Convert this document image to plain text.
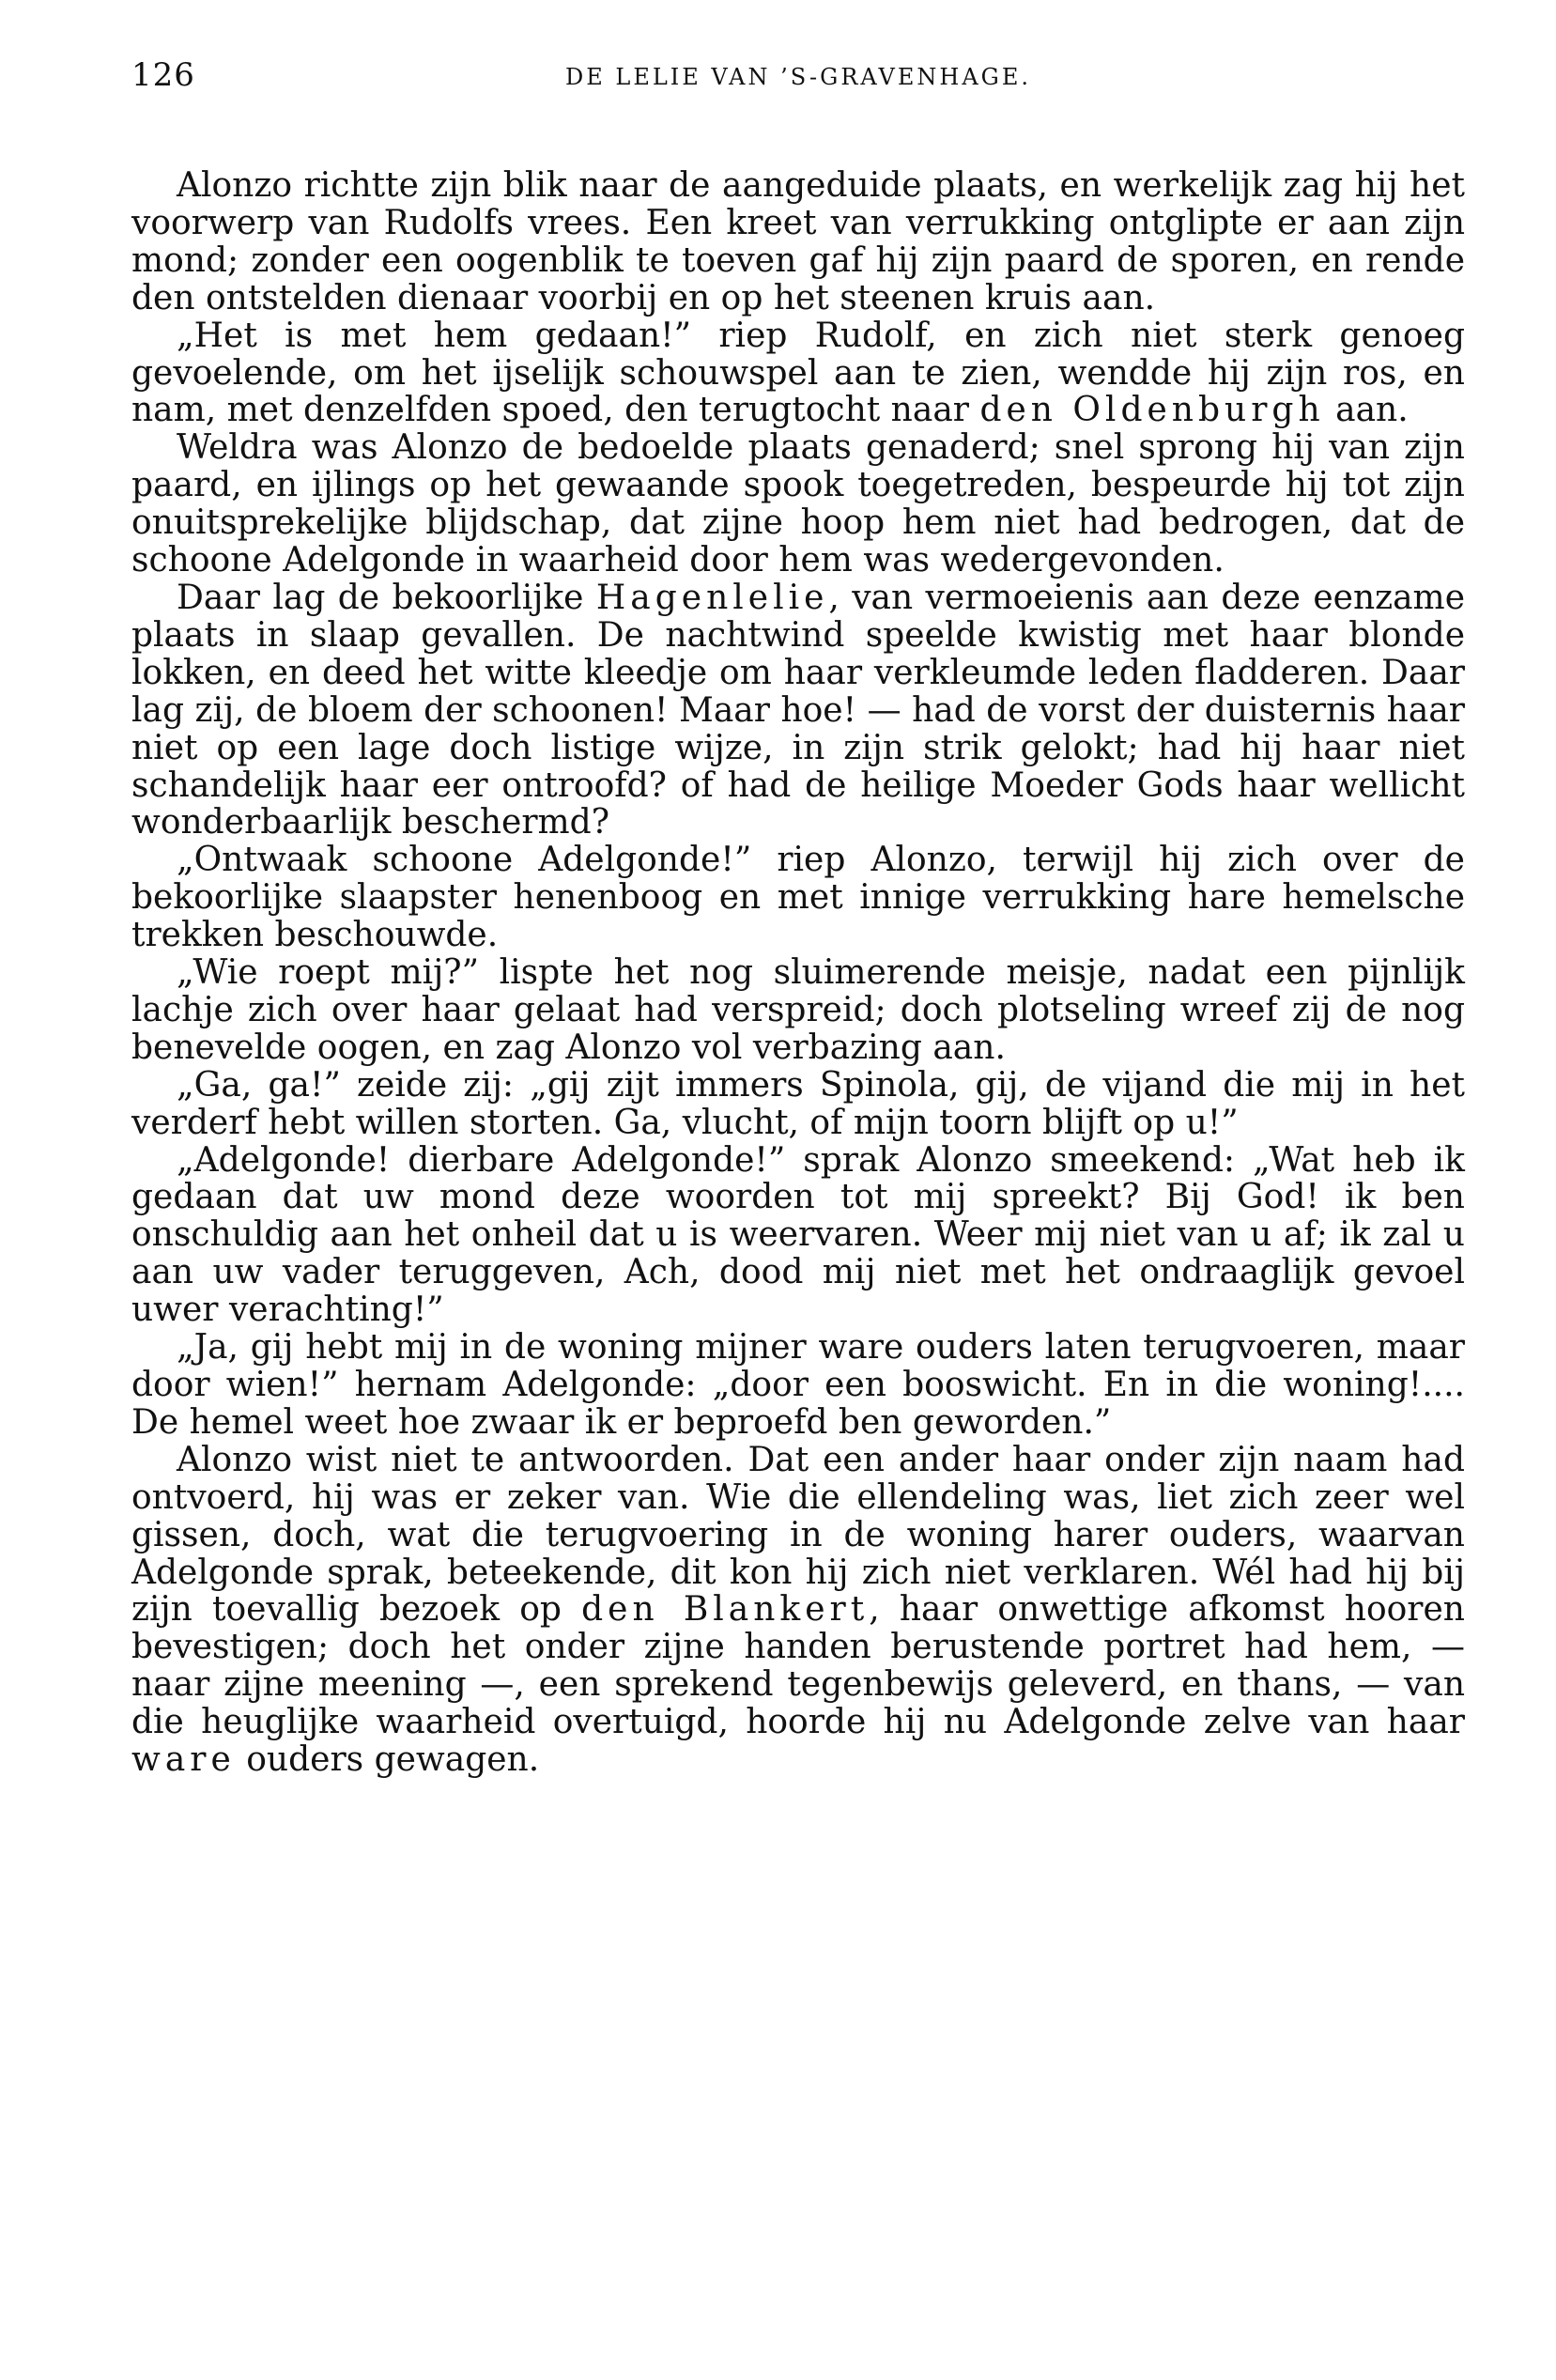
126	DE LELIE VAN ’S-GRAVENHAGE.

Alonzo richtte zijn blik naar de aangeduide plaats, en werkelijk zag hij het voorwerp van Rudolfs vrees. Een kreet van verrukking ontglipte er aan zijn mond; zonder een oogenblik te toeven gaf hij zijn paard de sporen, en rende den ontstelden dienaar voorbij en op het steenen kruis aan.

„Het is met hem gedaan!” riep Rudolf, en zich niet sterk genoeg gevoelende, om het ijselijk schouwspel aan te zien, wendde hij zijn ros, en nam, met denzelfden spoed, den terugtocht naar den Oldenburgh aan.

Weldra was Alonzo de bedoelde plaats genaderd; snel sprong hij van zijn paard, en ijlings op het gewaande spook toegetreden, bespeurde hij tot zijn onuitsprekelijke blijdschap, dat zijne hoop hem niet had bedrogen, dat de schoone Adelgonde in waarheid door hem was wedergevonden.

Daar lag de bekoorlijke Hagenlelie, van vermoeienis aan deze eenzame plaats in slaap gevallen. De nachtwind speelde kwistig met haar blonde lokken, en deed het witte kleedje om haar verkleumde leden fladderen. Daar lag zij, de bloem der schoonen! Maar hoe! — had de vorst der duisternis haar niet op een lage doch listige wijze, in zijn strik gelokt; had hij haar niet schandelijk haar eer ontroofd? of had de heilige Moeder Gods haar wellicht wonderbaarlijk beschermd?

„Ontwaak schoone Adelgonde!” riep Alonzo, terwijl hij zich over de bekoorlijke slaapster henenboog en met innige verrukking hare hemelsche trekken beschouwde.

„Wie roept mij?” lispte het nog sluimerende meisje, nadat een pijnlijk lachje zich over haar gelaat had verspreid; doch plotseling wreef zij de nog benevelde oogen, en zag Alonzo vol verbazing aan.

„Ga, ga!” zeide zij: „gij zijt immers Spinola, gij, de vijand die mij in het verderf hebt willen storten. Ga, vlucht, of mijn toorn blijft op u!”

„Adelgonde! dierbare Adelgonde!” sprak Alonzo smeekend: „Wat heb ik gedaan dat uw mond deze woorden tot mij spreekt? Bij God! ik ben onschuldig aan het onheil dat u is weervaren. Weer mij niet van u af; ik zal u aan uw vader teruggeven, Ach, dood mij niet met het ondraaglijk gevoel uwer verachting!”

„Ja, gij hebt mij in de woning mijner ware ouders laten terugvoeren, maar door wien!” hernam Adelgonde: „door een booswicht. En in die woning!.... De hemel weet hoe zwaar ik er beproefd ben geworden.”

Alonzo wist niet te antwoorden. Dat een ander haar onder zijn naam had ontvoerd, hij was er zeker van. Wie die ellendeling was, liet zich zeer wel gissen, doch, wat die terugvoering in de woning harer ouders, waarvan Adelgonde sprak, beteekende, dit kon hij zich niet verklaren. Wél had hij bij zijn toevallig bezoek op den Blankert, haar onwettige afkomst hooren bevestigen; doch het onder zijne handen berustende portret had hem, — naar zijne meening —, een sprekend tegenbewijs geleverd, en thans, — van die heuglijke waarheid overtuigd, hoorde hij nu Adelgonde zelve van haar ware ouders gewagen.
